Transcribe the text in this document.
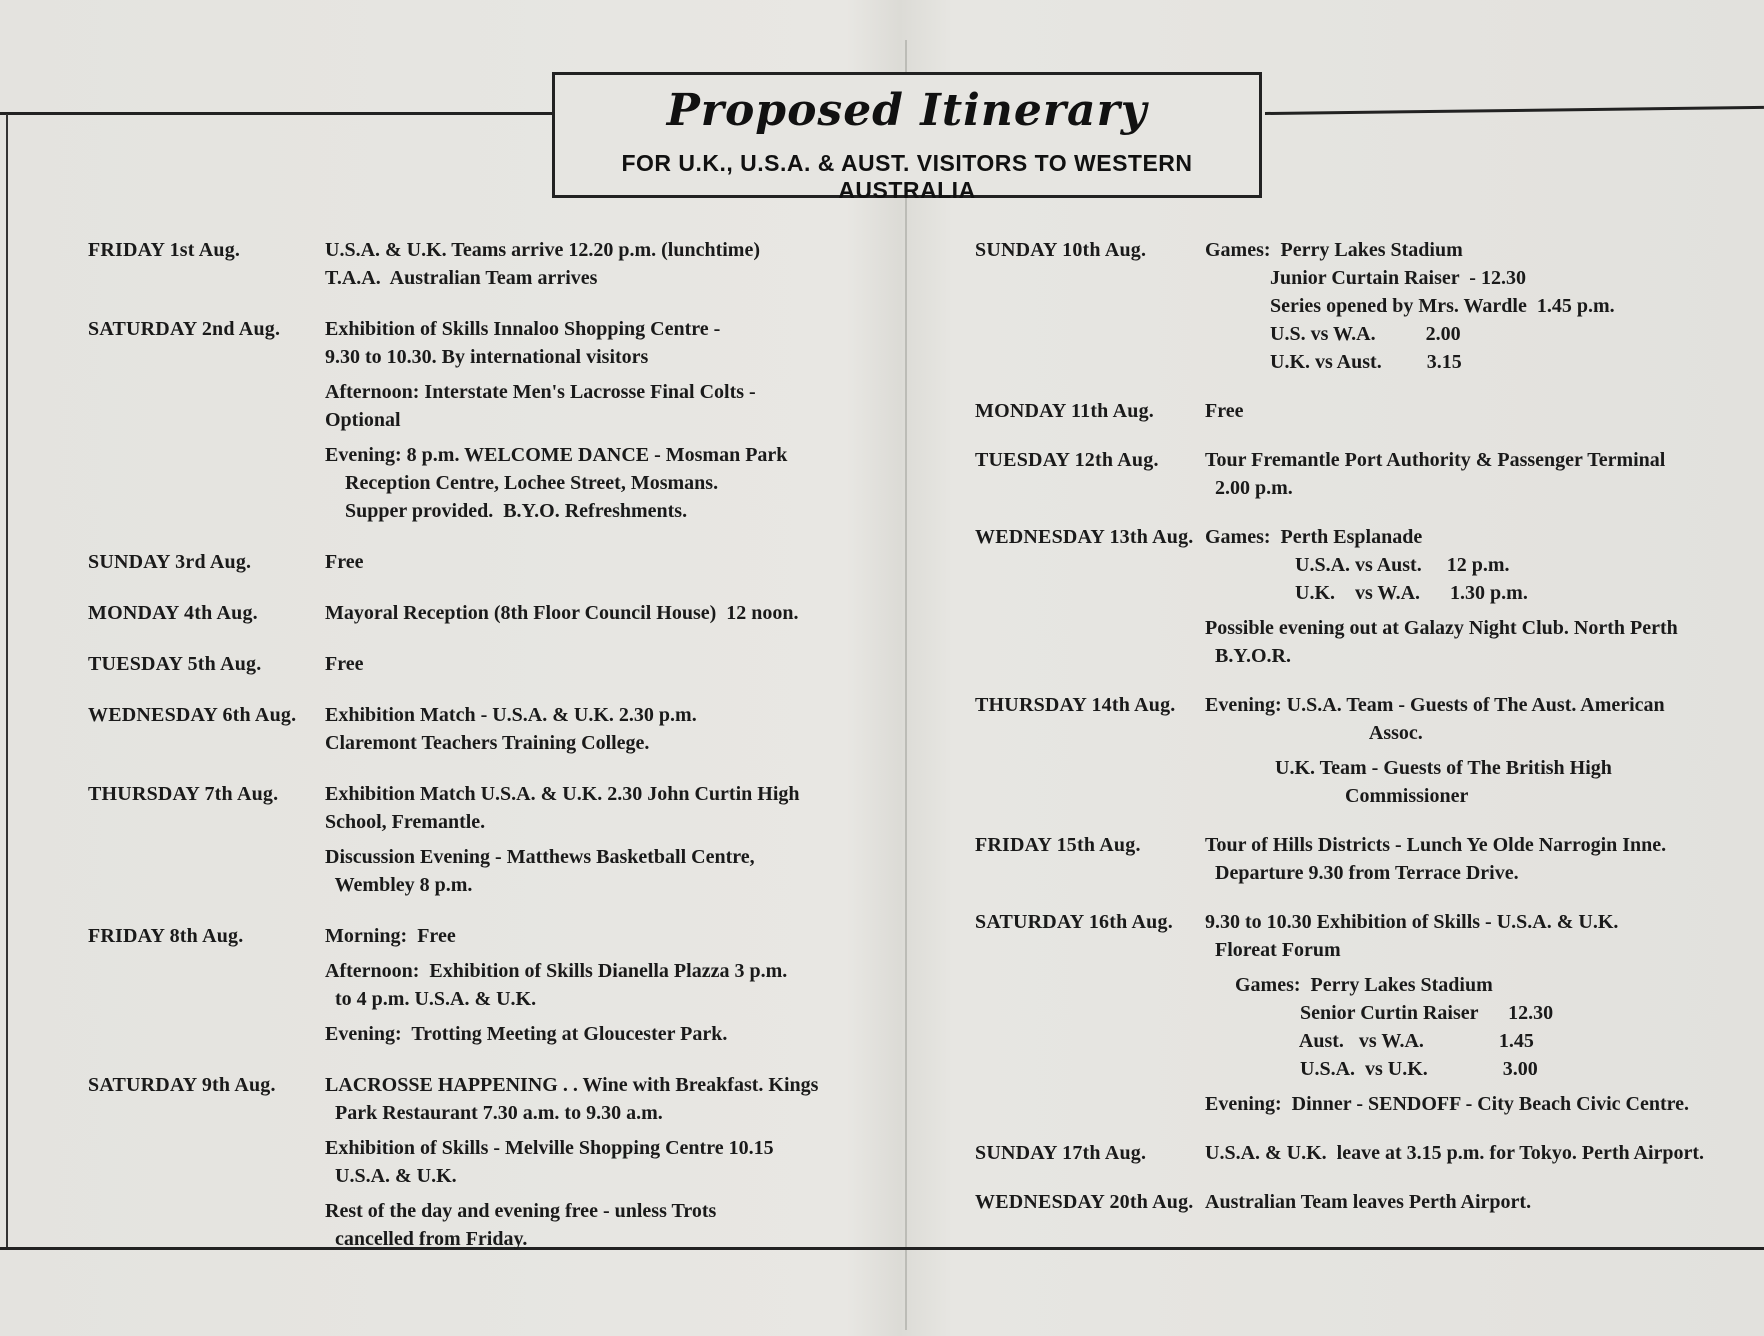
Proposed Itinerary
FOR U.K., U.S.A. & AUST. VISITORS TO WESTERN AUSTRALIA
FRIDAY 1st Aug.	U.S.A. & U.K. Teams arrive 12.20 p.m. (lunchtime)
T.A.A.  Australian Team arrives
SATURDAY 2nd Aug.	Exhibition of Skills Innaloo Shopping Centre -
9.30 to 10.30. By international visitors
Afternoon: Interstate Men's Lacrosse Final Colts -
Optional
Evening: 8 p.m. WELCOME DANCE - Mosman Park
Reception Centre, Lochee Street, Mosmans.
Supper provided.  B.Y.O. Refreshments.
SUNDAY 3rd Aug.	Free
MONDAY 4th Aug.	Mayoral Reception (8th Floor Council House)  12 noon.
TUESDAY 5th Aug.	Free
WEDNESDAY 6th Aug.	Exhibition Match - U.S.A. & U.K. 2.30 p.m.
Claremont Teachers Training College.
THURSDAY 7th Aug.	Exhibition Match U.S.A. & U.K. 2.30 John Curtin High
School, Fremantle.
Discussion Evening - Matthews Basketball Centre,
Wembley 8 p.m.
FRIDAY 8th Aug.	Morning:  Free
Afternoon:  Exhibition of Skills Dianella Plazza 3 p.m.
to 4 p.m. U.S.A. & U.K.
Evening:  Trotting Meeting at Gloucester Park.
SATURDAY 9th Aug.	LACROSSE HAPPENING . . Wine with Breakfast. Kings
Park Restaurant 7.30 a.m. to 9.30 a.m.
Exhibition of Skills - Melville Shopping Centre 10.15
U.S.A. & U.K.
Rest of the day and evening free - unless Trots
cancelled from Friday.
SUNDAY 10th Aug.	Games:  Perry Lakes Stadium
Junior Curtain Raiser  - 12.30
Series opened by Mrs. Wardle  1.45 p.m.
U.S. vs W.A.          2.00
U.K. vs Aust.         3.15
MONDAY 11th Aug.	Free
TUESDAY 12th Aug.	Tour Fremantle Port Authority & Passenger Terminal
2.00 p.m.
WEDNESDAY 13th Aug. Games:  Perth Esplanade
U.S.A. vs Aust.     12 p.m.
U.K.    vs W.A.      1.30 p.m.
Possible evening out at Galazy Night Club. North Perth
B.Y.O.R.
THURSDAY 14th Aug.	Evening: U.S.A. Team - Guests of The Aust. American
Assoc.
U.K. Team - Guests of The British High
Commissioner
FRIDAY 15th Aug.	Tour of Hills Districts - Lunch Ye Olde Narrogin Inne.
Departure 9.30 from Terrace Drive.
SATURDAY 16th Aug.	9.30 to 10.30 Exhibition of Skills - U.S.A. & U.K.
Floreat Forum
Games:  Perry Lakes Stadium
Senior Curtin Raiser      12.30
Aust.   vs W.A.               1.45
U.S.A.  vs U.K.               3.00
Evening:  Dinner - SENDOFF - City Beach Civic Centre.
SUNDAY 17th Aug.	U.S.A. & U.K.  leave at 3.15 p.m. for Tokyo. Perth Airport.
WEDNESDAY 20th Aug. Australian Team leaves Perth Airport.
